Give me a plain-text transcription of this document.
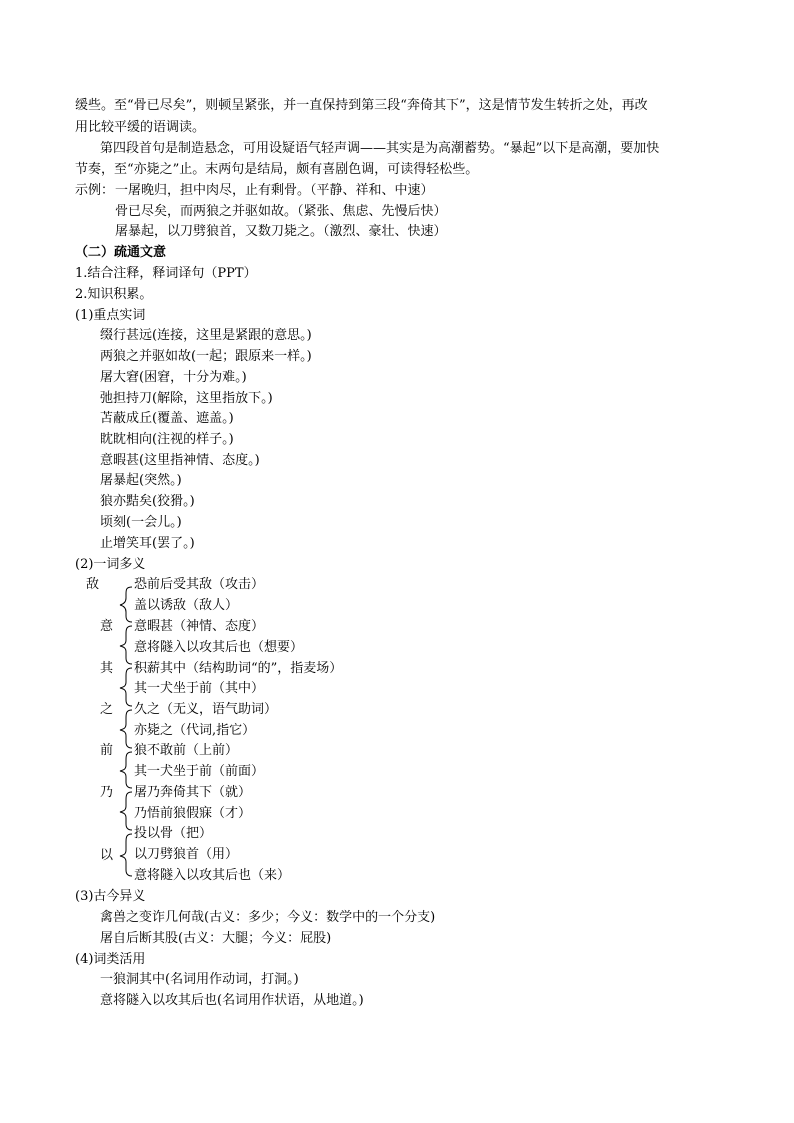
缓些。至“骨已尽矣”，则顿呈紧张，并一直保持到第三段“奔倚其下”，这是情节发生转折之处，再改
用比较平缓的语调读。
第四段首句是制造悬念，可用设疑语气轻声调——其实是为高潮蓄势。“暴起”以下是高潮，要加快
节奏，至“亦毙之”止。末两句是结局，颇有喜剧色调，可读得轻松些。
示例： 一屠晚归，担中肉尽，止有剩骨。（平静、祥和、中速）
骨已尽矣，而两狼之并驱如故。（紧张、焦虑、先慢后快）
屠暴起，以刀劈狼首，又数刀毙之。（激烈、豪壮、快速）
（二）疏通文意
1.结合注释，释词译句（PPT）
2.知识积累。
(1)重点实词
缀行甚远(连接，这里是紧跟的意思。)
两狼之并驱如故(一起；跟原来一样。)
屠大窘(困窘，十分为难。)
弛担持刀(解除，这里指放下。)
苫蔽成丘(覆盖、遮盖。)
眈眈相向(注视的样子。)
意暇甚(这里指神情、态度。)
屠暴起(突然。)
狼亦黠矣(狡猾。)
顷刻(一会儿。)
止增笑耳(罢了。)
(2)一词多义
敌
意
其
之
前
乃
以
恐前后受其敌（攻击）
盖以诱敌（敌人）
意暇甚（神情、态度）
意将隧入以攻其后也（想要）
积薪其中（结构助词“的”，指麦场）
其一犬坐于前（其中）
久之（无义，语气助词）
亦毙之（代词,指它）
狼不敢前（上前）
其一犬坐于前（前面）
屠乃奔倚其下（就）
乃悟前狼假寐（才）
投以骨（把）
以刀劈狼首（用）
意将隧入以攻其后也（来）
(3)古今异义
禽兽之变诈几何哉(古义：多少；今义：数学中的一个分支)
屠自后断其股(古义：大腿；今义：屁股)
(4)词类活用
一狼洞其中(名词用作动词，打洞。)
意将隧入以攻其后也(名词用作状语，从地道。)
